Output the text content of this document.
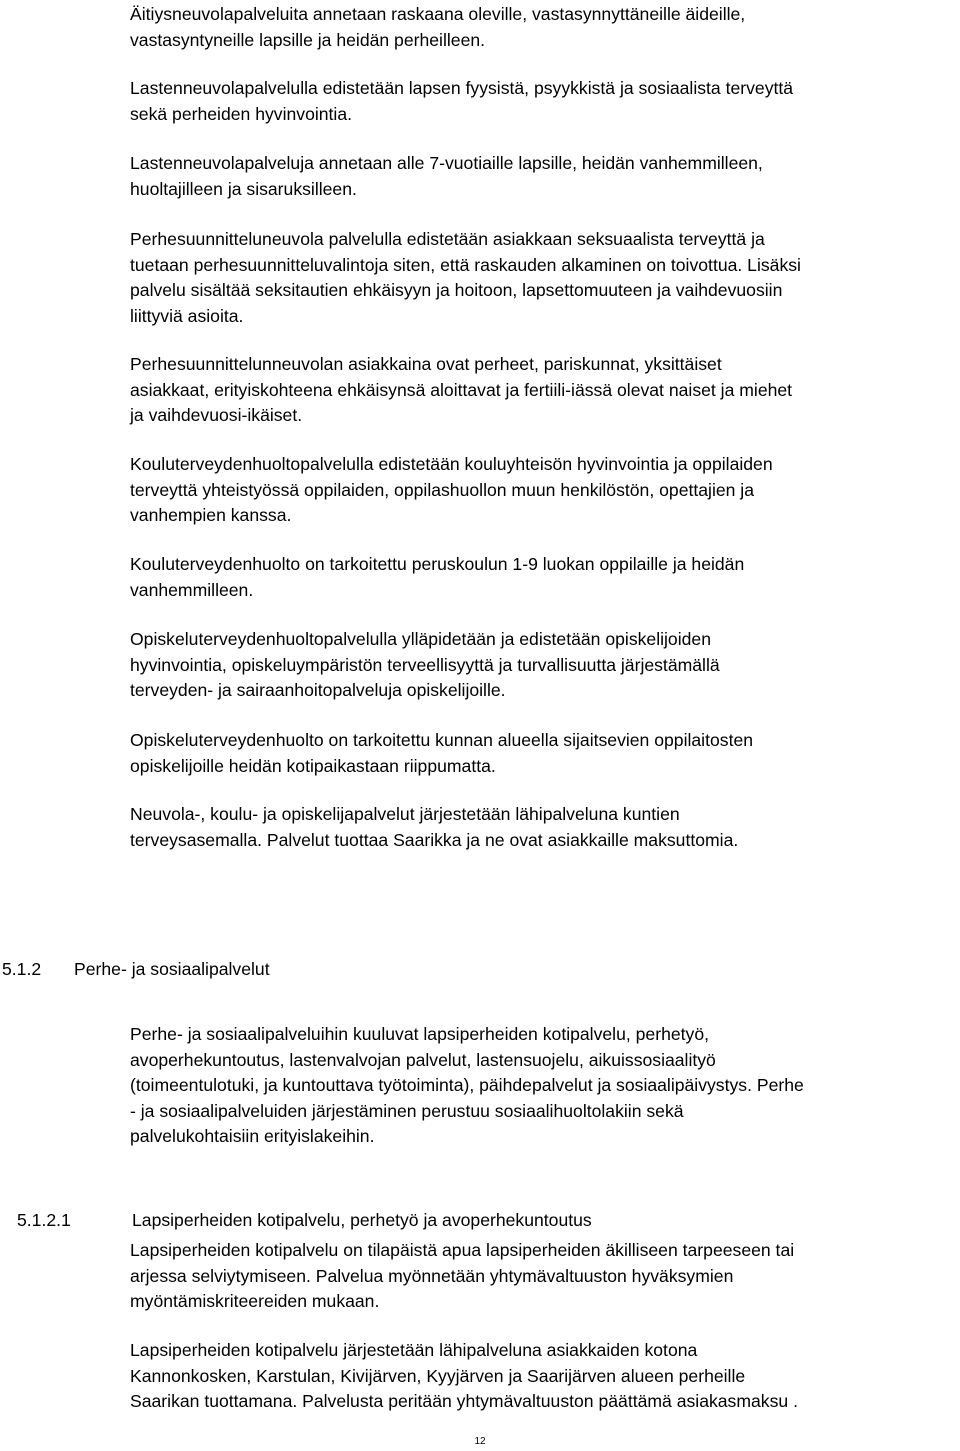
Äitiysneuvolapalveluita annetaan raskaana oleville, vastasynnyttäneille äideille,
vastasyntyneille lapsille ja heidän perheilleen.

Lastenneuvolapalvelulla edistetään lapsen fyysistä, psyykkistä ja sosiaalista terveyttä
sekä perheiden hyvinvointia.

Lastenneuvolapalveluja annetaan alle 7-vuotiaille lapsille, heidän vanhemmilleen,
huoltajilleen ja sisaruksilleen.

Perhesuunnitteluneuvola palvelulla edistetään asiakkaan seksuaalista terveyttä ja
tuetaan perhesuunnitteluvalintoja siten, että raskauden alkaminen on toivottua. Lisäksi
palvelu sisältää seksitautien ehkäisyyn ja hoitoon, lapsettomuuteen ja vaihdevuosiin
liittyviä asioita.

Perhesuunnittelunneuvolan asiakkaina ovat perheet, pariskunnat, yksittäiset
asiakkaat, erityiskohteena ehkäisynsä aloittavat ja fertiili-iässä olevat naiset ja miehet
ja vaihdevuosi-ikäiset.

Kouluterveydenhuoltopalvelulla edistetään kouluyhteisön hyvinvointia ja oppilaiden
terveyttä yhteistyössä oppilaiden, oppilashuollon muun henkilöstön, opettajien ja
vanhempien kanssa.

Kouluterveydenhuolto on tarkoitettu peruskoulun 1-9 luokan oppilaille ja heidän
vanhemmilleen.

Opiskeluterveydenhuoltopalvelulla ylläpidetään ja edistetään opiskelijoiden
hyvinvointia, opiskeluympäristön terveellisyyttä ja turvallisuutta järjestämällä
terveyden- ja sairaanhoitopalveluja opiskelijoille.

Opiskeluterveydenhuolto on tarkoitettu kunnan alueella sijaitsevien oppilaitosten
opiskelijoille heidän kotipaikastaan riippumatta.

Neuvola-, koulu- ja opiskelijapalvelut järjestetään lähipalveluna kuntien
terveysasemalla. Palvelut tuottaa Saarikka ja ne ovat asiakkaille maksuttomia.

5.1.2 Perhe- ja sosiaalipalvelut

Perhe- ja sosiaalipalveluihin kuuluvat lapsiperheiden kotipalvelu, perhetyö,
avoperhekuntoutus, lastenvalvojan palvelut, lastensuojelu, aikuissosiaalityö
(toimeentulotuki, ja kuntouttava työtoiminta), päihdepalvelut ja sosiaalipäivystys. Perhe
- ja sosiaalipalveluiden järjestäminen perustuu sosiaalihuoltolakiin sekä
palvelukohtaisiin erityislakeihin.

5.1.2.1	Lapsiperheiden kotipalvelu, perhetyö ja avoperhekuntoutus

Lapsiperheiden kotipalvelu on tilapäistä apua lapsiperheiden äkilliseen tarpeeseen tai
arjessa selviytymiseen. Palvelua myönnetään yhtymävaltuuston hyväksymien
myöntämiskriteereiden mukaan.

Lapsiperheiden kotipalvelu järjestetään lähipalveluna asiakkaiden kotona
Kannonkosken, Karstulan, Kivijärven, Kyyjärven ja Saarijärven alueen perheille
Saarikan tuottamana. Palvelusta peritään yhtymävaltuuston päättämä asiakasmaksu .

12
